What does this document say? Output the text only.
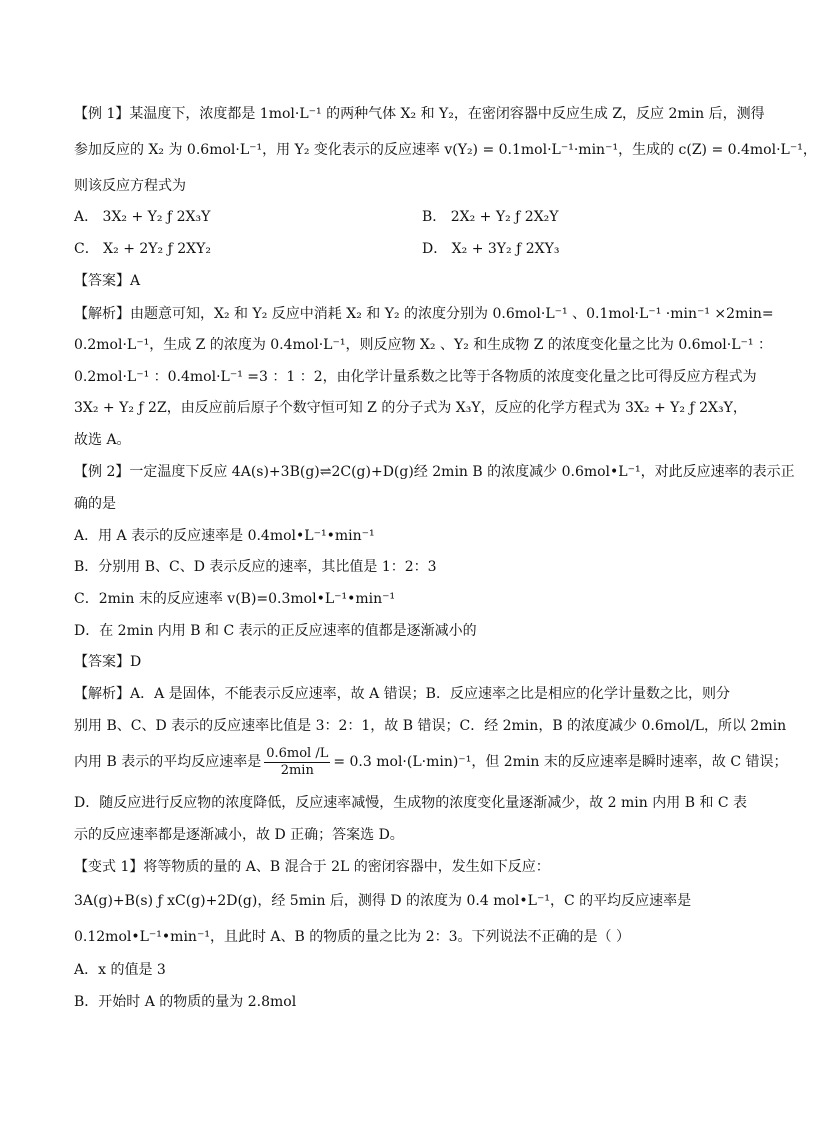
【例 1】某温度下，浓度都是 1mol·L⁻¹ 的两种气体 X₂ 和 Y₂，在密闭容器中反应生成 Z，反应 2min 后，测得
参加反应的 X₂ 为 0.6mol·L⁻¹，用 Y₂ 变化表示的反应速率 v(Y₂) = 0.1mol·L⁻¹·min⁻¹，生成的 c(Z) = 0.4mol·L⁻¹，
则该反应方程式为
A． 3X₂ + Y₂ ƒ 2X₃Y	B． 2X₂ + Y₂ ƒ 2X₂Y
C． X₂ + 2Y₂ ƒ 2XY₂	D． X₂ + 3Y₂ ƒ 2XY₃
【答案】A
【解析】由题意可知，X₂ 和 Y₂ 反应中消耗 X₂ 和 Y₂ 的浓度分别为 0.6mol·L⁻¹ 、0.1mol·L⁻¹ ·min⁻¹ ×2min=
0.2mol·L⁻¹，生成 Z 的浓度为 0.4mol·L⁻¹，则反应物 X₂ 、Y₂ 和生成物 Z 的浓度变化量之比为 0.6mol·L⁻¹ ：
0.2mol·L⁻¹ ：0.4mol·L⁻¹ =3 ：1 ：2，由化学计量系数之比等于各物质的浓度变化量之比可得反应方程式为
3X₂ + Y₂ ƒ 2Z，由反应前后原子个数守恒可知 Z 的分子式为 X₃Y，反应的化学方程式为 3X₂ + Y₂ ƒ 2X₃Y，
故选 A。
【例 2】一定温度下反应 4A(s)+3B(g)⇌2C(g)+D(g)经 2min B 的浓度减少 0.6mol•L⁻¹，对此反应速率的表示正
确的是
A．用 A 表示的反应速率是 0.4mol•L⁻¹•min⁻¹
B．分别用 B、C、D 表示反应的速率，其比值是 1：2：3
C．2min 末的反应速率 v(B)=0.3mol•L⁻¹•min⁻¹
D．在 2min 内用 B 和 C 表示的正反应速率的值都是逐渐减小的
【答案】D
【解析】A．A 是固体，不能表示反应速率，故 A 错误；B．反应速率之比是相应的化学计量数之比，则分
别用 B、C、D 表示的反应速率比值是 3：2：1，故 B 错误；C．经 2min，B 的浓度减少 0.6mol/L，所以 2min
内用 B 表示的平均反应速率是 $\frac{\text{0.6mol /L}}{2\min} = 0.3$ mol·(L·min)⁻¹，但 2min 末的反应速率是瞬时速率，故 C 错误；
D．随反应进行反应物的浓度降低，反应速率减慢，生成物的浓度变化量逐渐减少，故 2 min 内用 B 和 C 表
示的反应速率都是逐渐减小，故 D 正确；答案选 D。
【变式 1】将等物质的量的 A、B 混合于 2L 的密闭容器中，发生如下反应：
3A(g)+B(s) ƒ xC(g)+2D(g)，经 5min 后，测得 D 的浓度为 0.4 mol•L⁻¹，C 的平均反应速率是
0.12mol•L⁻¹•min⁻¹，且此时 A、B 的物质的量之比为 2：3。下列说法不正确的是（ ）
A．x 的值是 3
B．开始时 A 的物质的量为 2.8mol
